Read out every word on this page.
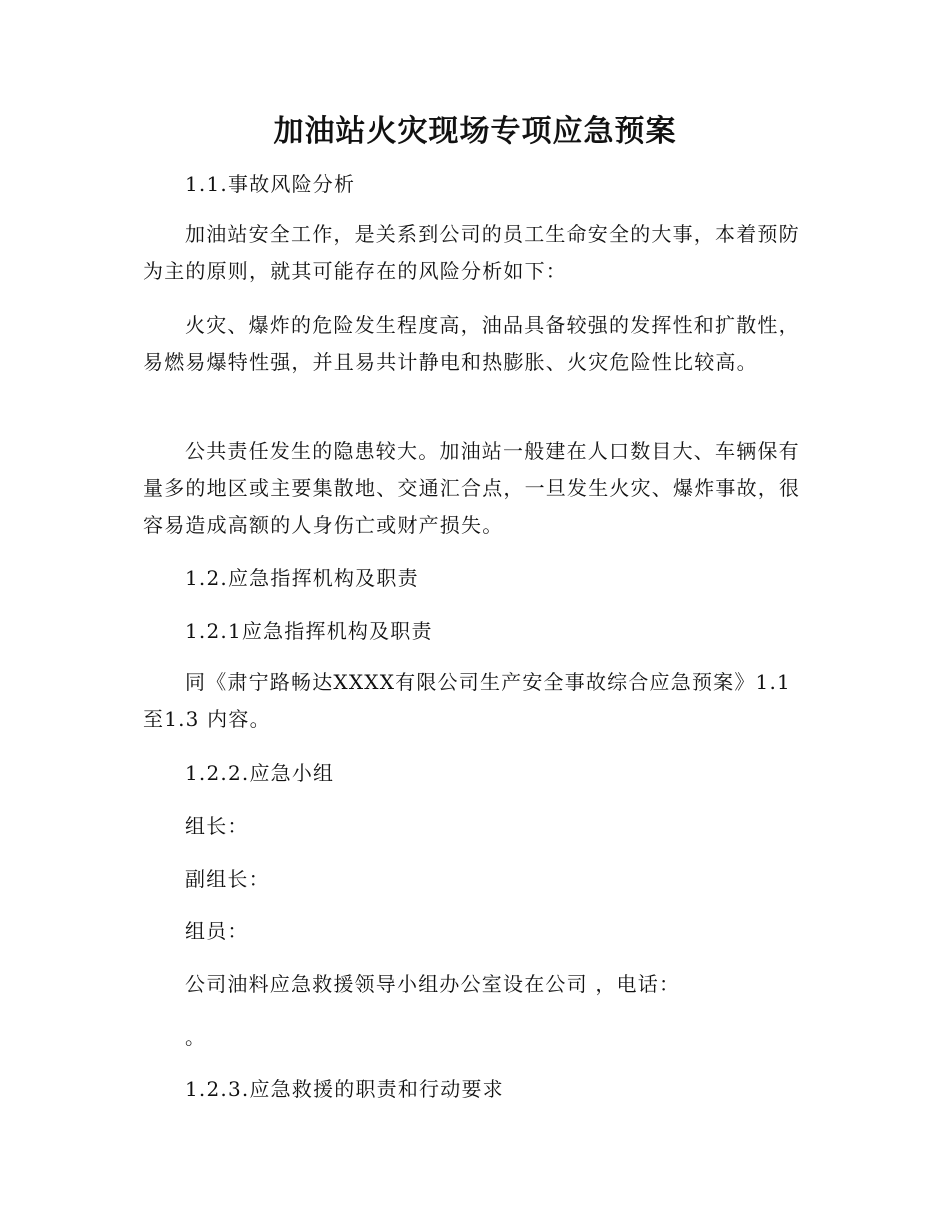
加油站火灾现场专项应急预案
1.1.事故风险分析
加油站安全工作，是关系到公司的员工生命安全的大事，本着预防为主的原则，就其可能存在的风险分析如下：
火灾、爆炸的危险发生程度高，油品具备较强的发挥性和扩散性，易燃易爆特性强，并且易共计静电和热膨胀、火灾危险性比较高。
公共责任发生的隐患较大。加油站一般建在人口数目大、车辆保有量多的地区或主要集散地、交通汇合点，一旦发生火灾、爆炸事故，很容易造成高额的人身伤亡或财产损失。
1.2.应急指挥机构及职责
1.2.1应急指挥机构及职责
同《肃宁路畅达XXXX有限公司生产安全事故综合应急预案》1.1至1.3 内容。
1.2.2.应急小组
组长：
副组长：
组员：
公司油料应急救援领导小组办公室设在公司 ，电话：
。
1.2.3.应急救援的职责和行动要求
